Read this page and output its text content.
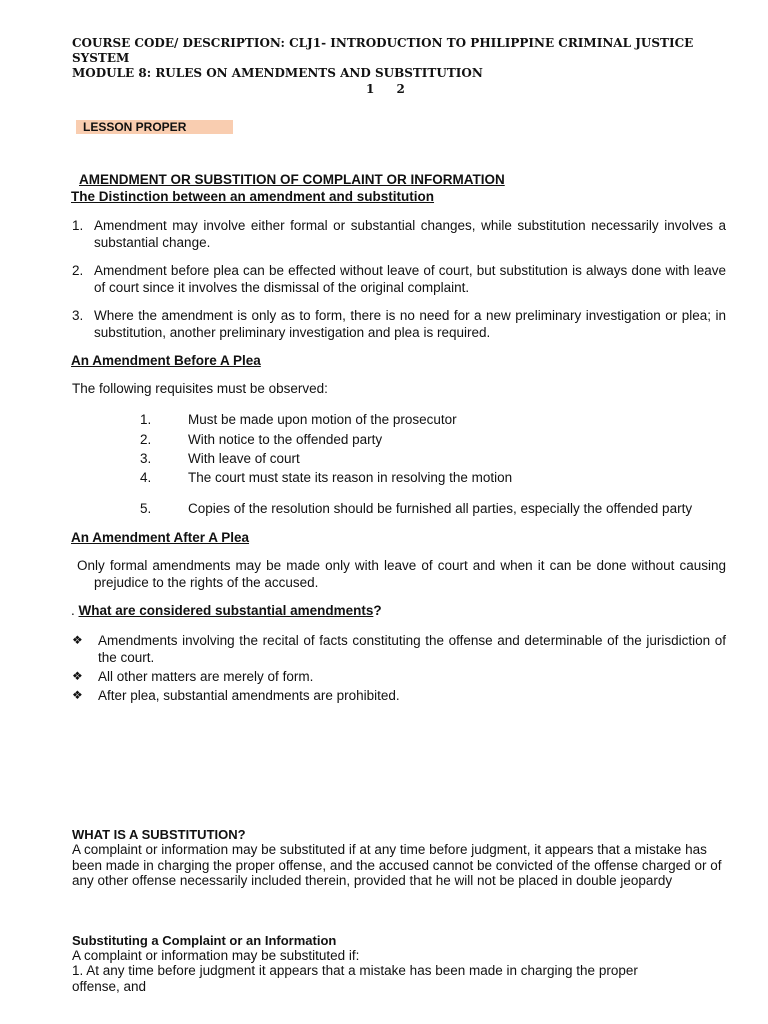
COURSE CODE/ DESCRIPTION: CLJ1- INTRODUCTION TO PHILIPPINE CRIMINAL JUSTICE
SYSTEM
MODULE 8: RULES ON AMENDMENTS AND SUBSTITUTION
1 2
LESSON PROPER
AMENDMENT OR SUBSTITION OF COMPLAINT OR INFORMATION
The Distinction between an amendment and substitution
1. Amendment may involve either formal or substantial changes, while substitution necessarily involves a substantial change.
2. Amendment before plea can be effected without leave of court, but substitution is always done with leave of court since it involves the dismissal of the original complaint.
3. Where the amendment is only as to form, there is no need for a new preliminary investigation or plea; in substitution, another preliminary investigation and plea is required.
An Amendment Before A Plea
The following requisites must be observed:
1.	Must be made upon motion of the prosecutor
2.	With notice to the offended party
3.	With leave of court
4.	The court must state its reason in resolving the motion
5.	Copies of the resolution should be furnished all parties, especially the offended party
An Amendment After A Plea
Only formal amendments may be made only with leave of court and when it can be done without causing prejudice to the rights of the accused.
. What are considered substantial amendments?
❖ Amendments involving the recital of facts constituting the offense and determinable of the jurisdiction of the court.
❖ All other matters are merely of form.
❖ After plea, substantial amendments are prohibited.
WHAT IS A SUBSTITUTION?
A complaint or information may be substituted if at any time before judgment, it appears that a mistake has been made in charging the proper offense, and the accused cannot be convicted of the offense charged or of any other offense necessarily included therein, provided that he will not be placed in double jeopardy
Substituting a Complaint or an Information
A complaint or information may be substituted if:
1. At any time before judgment it appears that a mistake has been made in charging the proper offense, and
